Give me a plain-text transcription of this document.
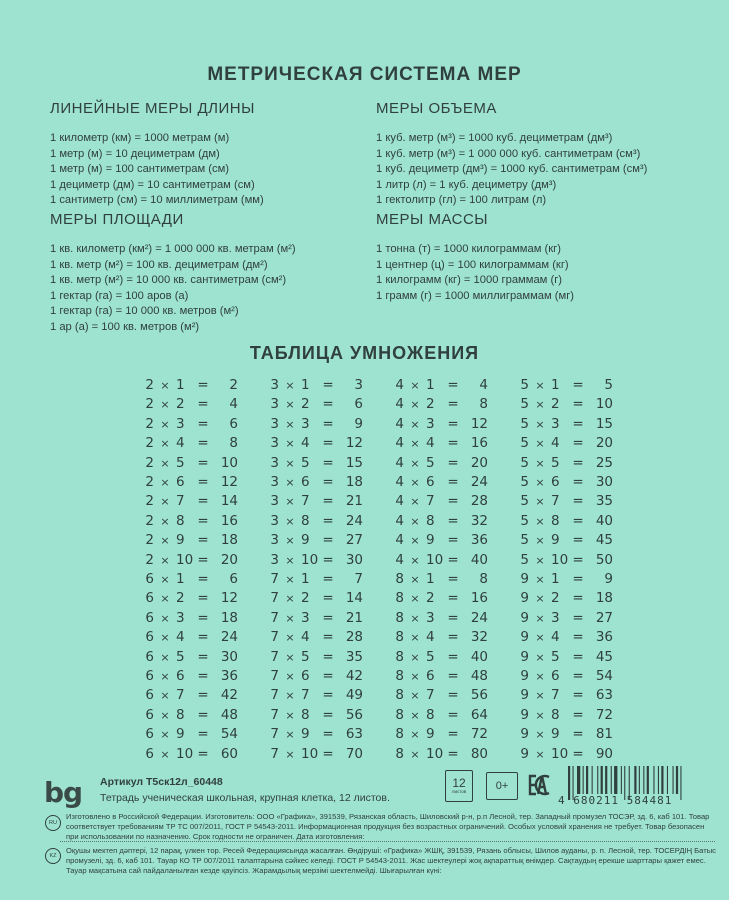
МЕТРИЧЕСКАЯ СИСТЕМА МЕР
ЛИНЕЙНЫЕ МЕРЫ ДЛИНЫ
1 километр (км) = 1000 метрам (м)
1 метр (м) = 10 дециметрам (дм)
1 метр (м) = 100 сантиметрам (см)
1 дециметр (дм) = 10 сантиметрам (см)
1 сантиметр (см) = 10 миллиметрам (мм)
МЕРЫ ПЛОЩАДИ
1 кв. километр (км²) = 1 000 000 кв. метрам (м²)
1 кв. метр (м²) = 100 кв. дециметрам (дм²)
1 кв. метр (м²) = 10 000 кв. сантиметрам (см²)
1 гектар (га) = 100 аров (а)
1 гектар (га) = 10 000 кв. метров (м²)
1 ар (а) = 100 кв. метров (м²)
МЕРЫ ОБЪЕМА
1 куб. метр (м³) = 1000 куб. дециметрам (дм³)
1 куб. метр (м³) = 1 000 000 куб. сантиметрам (см³)
1 куб. дециметр (дм³) = 1000 куб. сантиметрам (см³)
1 литр (л) = 1 куб. дециметру (дм³)
1 гектолитр (гл) = 100 литрам (л)
МЕРЫ МАССЫ
1 тонна (т) = 1000 килограммам (кг)
1 центнер (ц) = 100 килограммам (кг)
1 килограмм (кг) = 1000 граммам (г)
1 грамм (г) = 1000 миллиграммам (мг)
ТАБЛИЦА УМНОЖЕНИЯ
2 × 1 = 2
2 × 2 = 4
2 × 3 = 6
2 × 4 = 8
2 × 5 = 10
2 × 6 = 12
2 × 7 = 14
2 × 8 = 16
2 × 9 = 18
2 × 10 = 20
3 × 1 = 3
3 × 2 = 6
3 × 3 = 9
3 × 4 = 12
3 × 5 = 15
3 × 6 = 18
3 × 7 = 21
3 × 8 = 24
3 × 9 = 27
3 × 10 = 30
4 × 1 = 4
4 × 2 = 8
4 × 3 = 12
4 × 4 = 16
4 × 5 = 20
4 × 6 = 24
4 × 7 = 28
4 × 8 = 32
4 × 9 = 36
4 × 10 = 40
5 × 1 = 5
5 × 2 = 10
5 × 3 = 15
5 × 4 = 20
5 × 5 = 25
5 × 6 = 30
5 × 7 = 35
5 × 8 = 40
5 × 9 = 45
5 × 10 = 50
6 × 1 = 6
6 × 2 = 12
6 × 3 = 18
6 × 4 = 24
6 × 5 = 30
6 × 6 = 36
6 × 7 = 42
6 × 8 = 48
6 × 9 = 54
6 × 10 = 60
7 × 1 = 7
7 × 2 = 14
7 × 3 = 21
7 × 4 = 28
7 × 5 = 35
7 × 6 = 42
7 × 7 = 49
7 × 8 = 56
7 × 9 = 63
7 × 10 = 70
8 × 1 = 8
8 × 2 = 16
8 × 3 = 24
8 × 4 = 32
8 × 5 = 40
8 × 6 = 48
8 × 7 = 56
8 × 8 = 64
8 × 9 = 72
8 × 10 = 80
9 × 1 = 9
9 × 2 = 18
9 × 3 = 27
9 × 4 = 36
9 × 5 = 45
9 × 6 = 54
9 × 7 = 63
9 × 8 = 72
9 × 9 = 81
9 × 10 = 90
bg Артикул Т5ск12л_60448
Тетрадь ученическая школьная, крупная клетка, 12 листов.
12
листов	0+
4 680211 584481
RU
Изготовлено в Российской Федерации. Изготовитель: ООО «Графика», 391539, Рязанская область, Шиловский р-н, р.п Лесной, тер. Западный промузел ТОСЭР, зд. 6, каб 101. Товар соответствует требованиям ТР ТС 007/2011, ГОСТ Р 54543-2011. Информационная продукция без возрастных ограничений. Особых условий хранения не требует. Товар безопасен при использовании по назначению. Срок годности не ограничен. Дата изготовления:
KZ
Оқушы мектеп дәптері, 12 парақ, үлкен тор. Ресей Федерациясында жасалған. Өндіруші: «Графика» ЖШҚ, 391539, Рязань облысы, Шилов ауданы, р. п. Лесной, тер. ТОСЕРДІҢ Батыс промузелі, зд. 6, каб 101. Тауар КО ТР 007/2011 талаптарына сәйкес келеді. ГОСТ Р 54543-2011. Жас шектеулері жоқ ақпараттық өнімдер. Сақтаудың ерекше шарттары қажет емес. Тауар мақсатына сай пайдаланылған кезде қауіпсіз. Жарамдылық мерзімі шектелмейді. Шығарылған күні:
